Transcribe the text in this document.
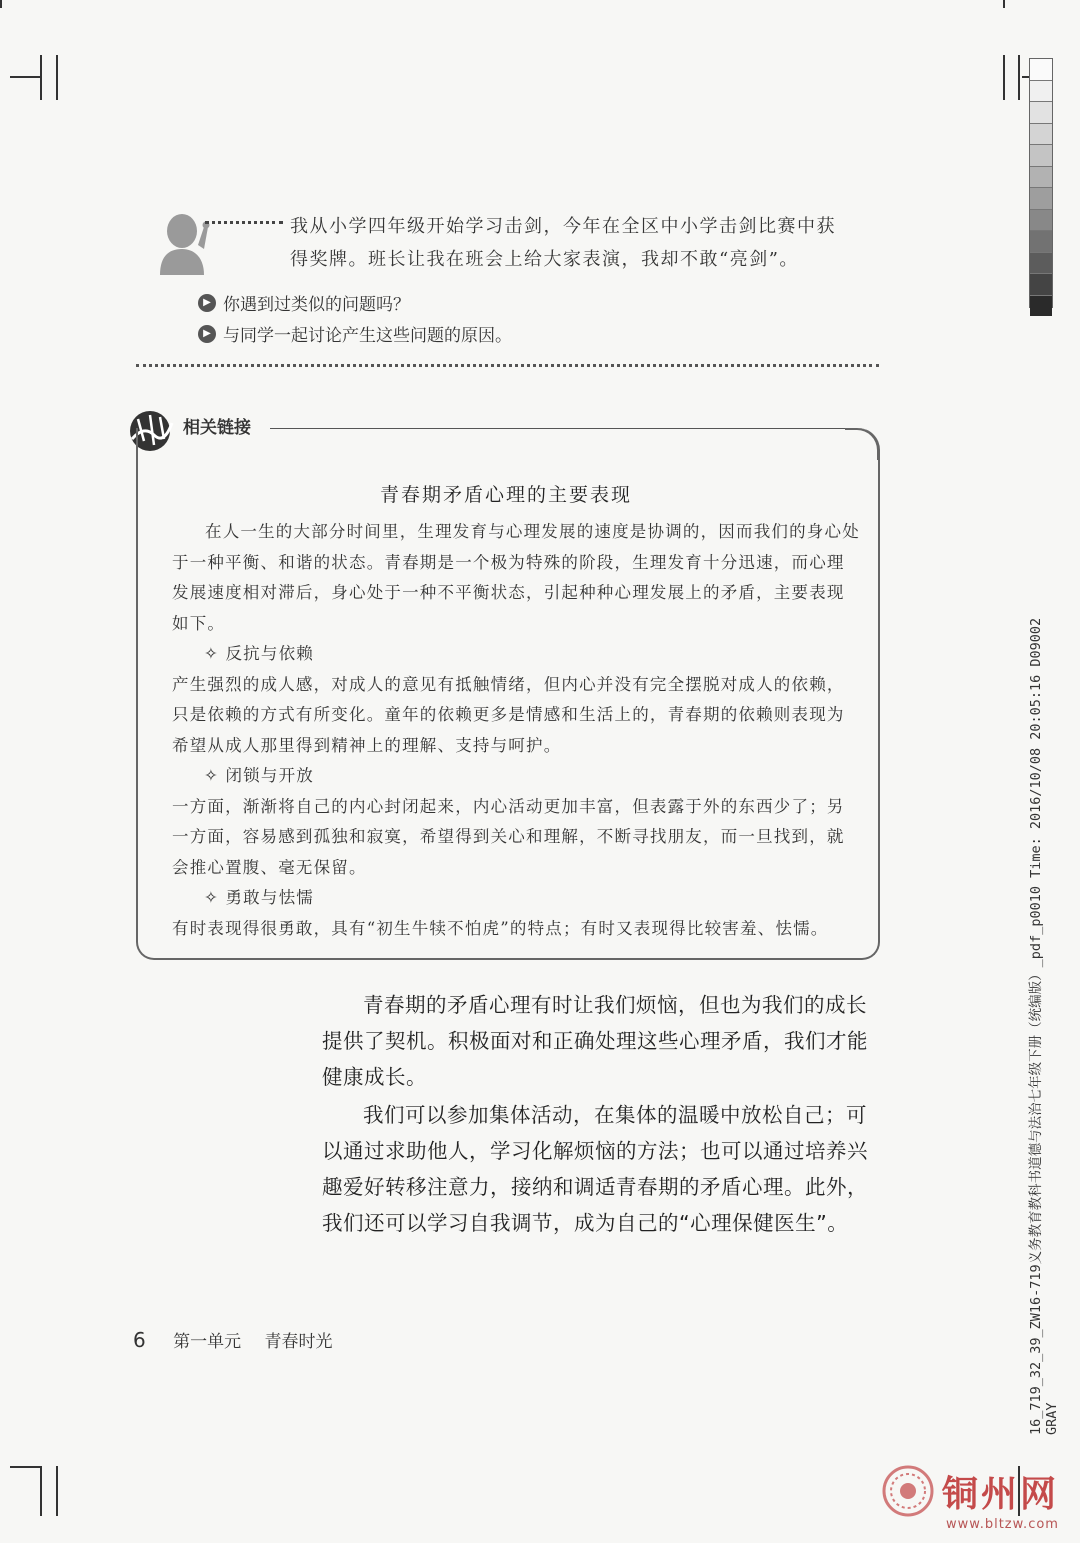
我从小学四年级开始学习击剑，今年在全区中小学击剑比赛中获

得奖牌。班长让我在班会上给大家表演，我却不敢“亮剑”。

▶ 你遇到过类似的问题吗？
▶ 与同学一起讨论产生这些问题的原因。
相关链接
青春期矛盾心理的主要表现

在人一生的大部分时间里，生理发育与心理发展的速度是协调的，因而我们的身心处于一种平衡、和谐的状态。青春期是一个极为特殊的阶段，生理发育十分迅速，而心理发展速度相对滞后，身心处于一种不平衡状态，引起种种心理发展上的矛盾，主要表现如下。

✧ 反抗与依赖

产生强烈的成人感，对成人的意见有抵触情绪，但内心并没有完全摆脱对成人的依赖，只是依赖的方式有所变化。童年的依赖更多是情感和生活上的，青春期的依赖则表现为希望从成人那里得到精神上的理解、支持与呵护。

✧ 闭锁与开放

一方面，渐渐将自己的内心封闭起来，内心活动更加丰富，但表露于外的东西少了；另一方面，容易感到孤独和寂寞，希望得到关心和理解，不断寻找朋友，而一旦找到，就会推心置腹、毫无保留。

✧ 勇敢与怯懦

有时表现得很勇敢，具有“初生牛犊不怕虎”的特点；有时又表现得比较害羞、怯懦。

青春期的矛盾心理有时让我们烦恼，但也为我们的成长提供了契机。积极面对和正确处理这些心理矛盾，我们才能健康成长。

我们可以参加集体活动，在集体的温暖中放松自己；可以通过求助他人，学习化解烦恼的方法；也可以通过培养兴趣爱好转移注意力，接纳和调适青春期的矛盾心理。此外，我们还可以学习自我调节，成为自己的“心理保健医生”。

6 第一单元 青春时光	16_719_32_39_ZW16-719义务教育教科书道德与法治七年级下册（统编版）_pdf_p0010 Time: 2016/10/08 20:05:16 D09002 GRAY
铜州网
www.bltzw.com
